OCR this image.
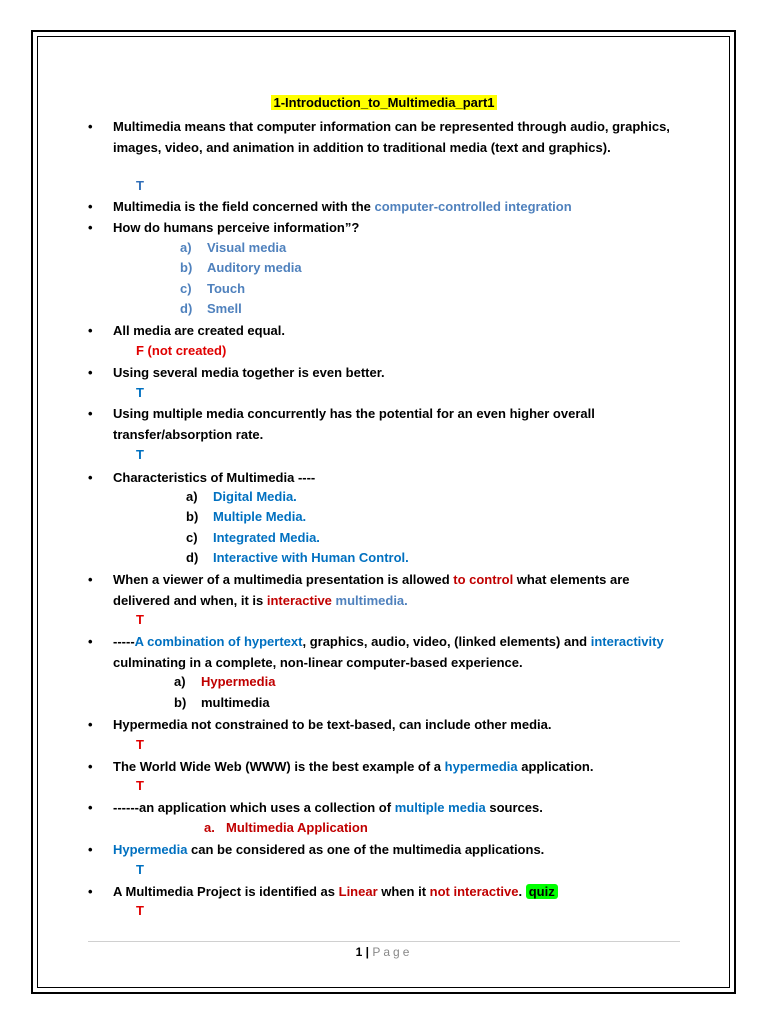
1-Introduction_to_Multimedia_part1
• Multimedia means that computer information can be represented through audio, graphics, images, video, and animation in addition to traditional media (text and graphics).
T
• Multimedia is the field concerned with the computer-controlled integration
• How do humans perceive information”?
a) Visual media
b) Auditory media
c) Touch
d) Smell
• All media are created equal.
F (not created)
• Using several media together is even better.
T
• Using multiple media concurrently has the potential for an even higher overall transfer/absorption rate.
T
• Characteristics of Multimedia ----
a) Digital Media.
b) Multiple Media.
c) Integrated Media.
d) Interactive with Human Control.
• When a viewer of a multimedia presentation is allowed to control what elements are delivered and when, it is interactive multimedia.
T
• -----A combination of hypertext, graphics, audio, video, (linked elements) and interactivity culminating in a complete, non-linear computer-based experience.
a) Hypermedia
b) multimedia
• Hypermedia not constrained to be text-based, can include other media.
T
• The World Wide Web (WWW) is the best example of a hypermedia application.
T
• ------an application which uses a collection of multiple media sources.
a. Multimedia Application
• Hypermedia can be considered as one of the multimedia applications.
T
• A Multimedia Project is identified as Linear when it not interactive. quiz
T
1 | Page
